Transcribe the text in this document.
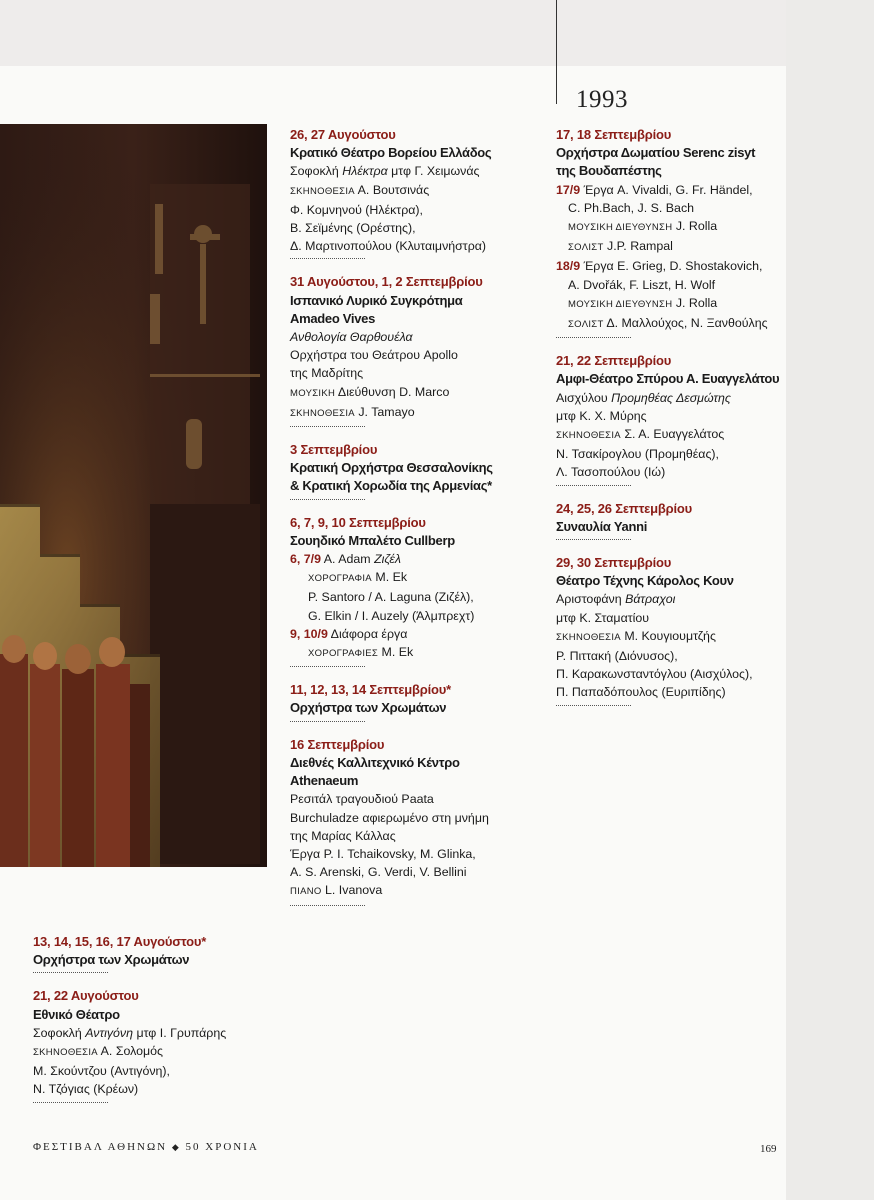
1993
26, 27 Αυγούστου
Κρατικό Θέατρο Βορείου Ελλάδος
Σοφοκλή Ηλέκτρα μτφ Γ. Χειμωνάς
ΣΚΗΝΟΘΕΣΙΑ Α. Βουτσινάς
Φ. Κομνηνού (Ηλέκτρα),
Β. Σεϊμένης (Ορέστης),
Δ. Μαρτινοπούλου (Κλυταιμνήστρα)
31 Αυγούστου, 1, 2 Σεπτεμβρίου
Ισπανικό Λυρικό Συγκρότημα
Amadeo Vives
Ανθολογία Θαρθουέλα
Ορχήστρα του Θεάτρου Apollo
της Μαδρίτης
ΜΟΥΣΙΚΗ Διεύθυνση D. Marco
ΣΚΗΝΟΘΕΣΙΑ J. Tamayo
3 Σεπτεμβρίου
Κρατική Ορχήστρα Θεσσαλονίκης
& Κρατική Χορωδία της Αρμενίας*
6, 7, 9, 10 Σεπτεμβρίου
Σουηδικό Μπαλέτο Cullberp
6, 7/9 A. Adam Ζιζέλ
ΧΟΡΟΓΡΑΦΙΑ M. Ek
P. Santoro / A. Laguna (Ζιζέλ),
G. Elkin / I. Auzely (Άλμπρεχτ)
9, 10/9 Διάφορα έργα
ΧΟΡΟΓΡΑΦΙΕΣ M. Ek
11, 12, 13, 14 Σεπτεμβρίου*
Ορχήστρα των Χρωμάτων
16 Σεπτεμβρίου
Διεθνές Καλλιτεχνικό Κέντρο
Athenaeum
Ρεσιτάλ τραγουδιού Paata
Burchuladze αφιερωμένο στη μνήμη
της Μαρίας Κάλλας
Έργα P. I. Tchaikovsky, M. Glinka,
A. S. Arenski, G. Verdi, V. Bellini
ΠΙΑΝΟ L. Ivanova
17, 18 Σεπτεμβρίου
Ορχήστρα Δωματίου Serenc zisyt
της Βουδαπέστης
17/9 Έργα A. Vivaldi, G. Fr. Händel,
C. Ph.Bach, J. S. Bach
ΜΟΥΣΙΚΗ ΔΙΕΥΘΥΝΣΗ J. Rolla
ΣΟΛΙΣΤ J.P. Rampal
18/9 Έργα E. Grieg, D. Shostakovich,
A. Dvořák, F. Liszt, H. Wolf
ΜΟΥΣΙΚΗ ΔΙΕΥΘΥΝΣΗ J. Rolla
ΣΟΛΙΣΤ Δ. Μαλλούχος, Ν. Ξανθούλης
21, 22 Σεπτεμβρίου
Αμφι-Θέατρο Σπύρου Α. Ευαγγελάτου
Αισχύλου Προμηθέας Δεσμώτης
μτφ Κ. Χ. Μύρης
ΣΚΗΝΟΘΕΣΙΑ Σ. Α. Ευαγγελάτος
Ν. Τσακίρογλου (Προμηθέας),
Λ. Τασοπούλου (Ιώ)
24, 25, 26 Σεπτεμβρίου
Συναυλία Yanni
29, 30 Σεπτεμβρίου
Θέατρο Τέχνης Κάρολος Κουν
Αριστοφάνη Βάτραχοι
μτφ Κ. Σταματίου
ΣΚΗΝΟΘΕΣΙΑ Μ. Κουγιουμτζής
Ρ. Πιττακή (Διόνυσος),
Π. Καρακωνσταντόγλου (Αισχύλος),
Π. Παπαδόπουλος (Ευριπίδης)
13, 14, 15, 16, 17 Αυγούστου*
Ορχήστρα των Χρωμάτων
21, 22 Αυγούστου
Εθνικό Θέατρο
Σοφοκλή Αντιγόνη μτφ Ι. Γρυπάρης
ΣΚΗΝΟΘΕΣΙΑ Α. Σολομός
Μ. Σκούντζου (Αντιγόνη),
Ν. Τζόγιας (Κρέων)
ΦΕΣΤΙΒΑΛ ΑΘΗΝΩΝ ◆ 50 ΧΡΟΝΙΑ	169
